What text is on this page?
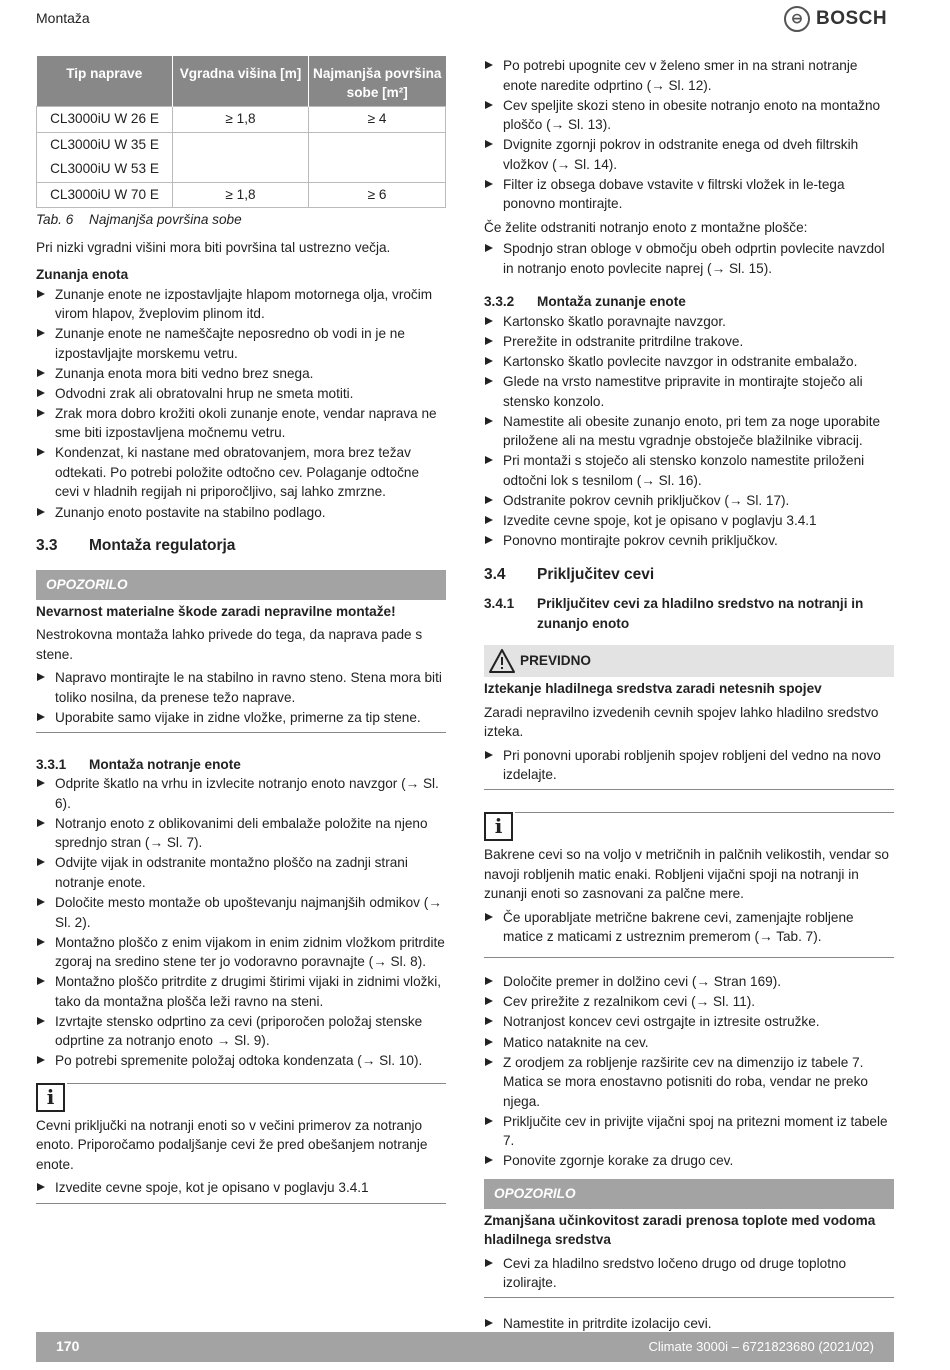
Montaža	⊖ BOSCH
Tip naprave	Vgradna višina [m]	Najmanjša površina sobe [m²]
CL3000iU W 26 E	≥ 1,8	≥ 4
CL3000iU W 35 E		
CL3000iU W 53 E		
CL3000iU W 70 E	≥ 1,8	≥ 6
Tab. 6 Najmanjša površina sobe

Pri nizki vgradni višini mora biti površina tal ustrezno večja.

Zunanja enota
Zunanje enote ne izpostavljajte hlapom motornega olja, vročim virom hlapov, žveplovim plinom itd.
Zunanje enote ne nameščajte neposredno ob vodi in je ne izpostavljajte morskemu vetru.
Zunanja enota mora biti vedno brez snega.
Odvodni zrak ali obratovalni hrup ne smeta motiti.
Zrak mora dobro krožiti okoli zunanje enote, vendar naprava ne sme biti izpostavljena močnemu vetru.
Kondenzat, ki nastane med obratovanjem, mora brez težav odtekati. Po potrebi položite odtočno cev. Polaganje odtočne cevi v hladnih regijah ni priporočljivo, saj lahko zmrzne.
Zunanjo enoto postavite na stabilno podlago.
3.3	Montaža regulatorja
OPOZORILO
Nevarnost materialne škode zaradi nepravilne montaže!

Nestrokovna montaža lahko privede do tega, da naprava pade s stene.

Napravo montirajte le na stabilno in ravno steno. Stena mora biti toliko nosilna, da prenese težo naprave.
Uporabite samo vijake in zidne vložke, primerne za tip stene.
3.3.1	Montaža notranje enote
Odprite škatlo na vrhu in izvlecite notranjo enoto navzgor (→ Sl. 6).
Notranjo enoto z oblikovanimi deli embalaže položite na njeno sprednjo stran (→ Sl. 7).
Odvijte vijak in odstranite montažno ploščo na zadnji strani notranje enote.
Določite mesto montaže ob upoštevanju najmanjših odmikov (→ Sl. 2).
Montažno ploščo z enim vijakom in enim zidnim vložkom pritrdite zgoraj na sredino stene ter jo vodoravno poravnajte (→ Sl. 8).
Montažno ploščo pritrdite z drugimi štirimi vijaki in zidnimi vložki, tako da montažna plošča leži ravno na steni.
Izvrtajte stensko odprtino za cevi (priporočen položaj stenske odprtine za notranjo enoto → Sl. 9).
Po potrebi spremenite položaj odtoka kondenzata (→ Sl. 10).
i

Cevni priključki na notranji enoti so v večini primerov za notranjo enoto. Priporočamo podaljšanje cevi že pred obešanjem notranje enote.

Izvedite cevne spoje, kot je opisano v poglavju 3.4.1
Po potrebi upognite cev v želeno smer in na strani notranje enote naredite odprtino (→ Sl. 12).
Cev speljite skozi steno in obesite notranjo enoto na montažno ploščo (→ Sl. 13).
Dvignite zgornji pokrov in odstranite enega od dveh filtrskih vložkov (→ Sl. 14).
Filter iz obsega dobave vstavite v filtrski vložek in le-tega ponovno montirajte.

Če želite odstraniti notranjo enoto z montažne plošče:

Spodnjo stran obloge v območju obeh odprtin povlecite navzdol in notranjo enoto povlecite naprej (→ Sl. 15).
3.3.2	Montaža zunanje enote
Kartonsko škatlo poravnajte navzgor.
Prerežite in odstranite pritrdilne trakove.
Kartonsko škatlo povlecite navzgor in odstranite embalažo.
Glede na vrsto namestitve pripravite in montirajte stoječo ali stensko konzolo.
Namestite ali obesite zunanjo enoto, pri tem za noge uporabite priložene ali na mestu vgradnje obstoječe blažilnike vibracij.
Pri montaži s stoječo ali stensko konzolo namestite priloženi odtočni lok s tesnilom (→ Sl. 16).
Odstranite pokrov cevnih priključkov (→ Sl. 17).
Izvedite cevne spoje, kot je opisano v poglavju 3.4.1
Ponovno montirajte pokrov cevnih priključkov.
3.4	Priključitev cevi
3.4.1	Priključitev cevi za hladilno sredstvo na notranji in zunanjo enoto
PREVIDNO
Iztekanje hladilnega sredstva zaradi netesnih spojev

Zaradi nepravilno izvedenih cevnih spojev lahko hladilno sredstvo izteka.

Pri ponovni uporabi robljenih spojev robljeni del vedno na novo izdelajte.
i

Bakrene cevi so na voljo v metričnih in palčnih velikostih, vendar so navoji robljenih matic enaki. Robljeni vijačni spoji na notranji in zunanji enoti so zasnovani za palčne mere.

Če uporabljate metrične bakrene cevi, zamenjajte robljene matice z maticami z ustreznim premerom (→ Tab. 7).
Določite premer in dolžino cevi (→ Stran 169).
Cev prirežite z rezalnikom cevi (→ Sl. 11).
Notranjost koncev cevi ostrgajte in iztresite ostružke.
Matico nataknite na cev.
Z orodjem za robljenje razširite cev na dimenzijo iz tabele 7. Matica se mora enostavno potisniti do roba, vendar ne preko njega.
Priključite cev in privijte vijačni spoj na pritezni moment iz tabele 7.
Ponovite zgornje korake za drugo cev.
OPOZORILO
Zmanjšana učinkovitost zaradi prenosa toplote med vodoma hladilnega sredstva
Cevi za hladilno sredstvo ločeno drugo od druge toplotno izolirajte.
Namestite in pritrdite izolacijo cevi.
170	Climate 3000i – 6721823680 (2021/02)
